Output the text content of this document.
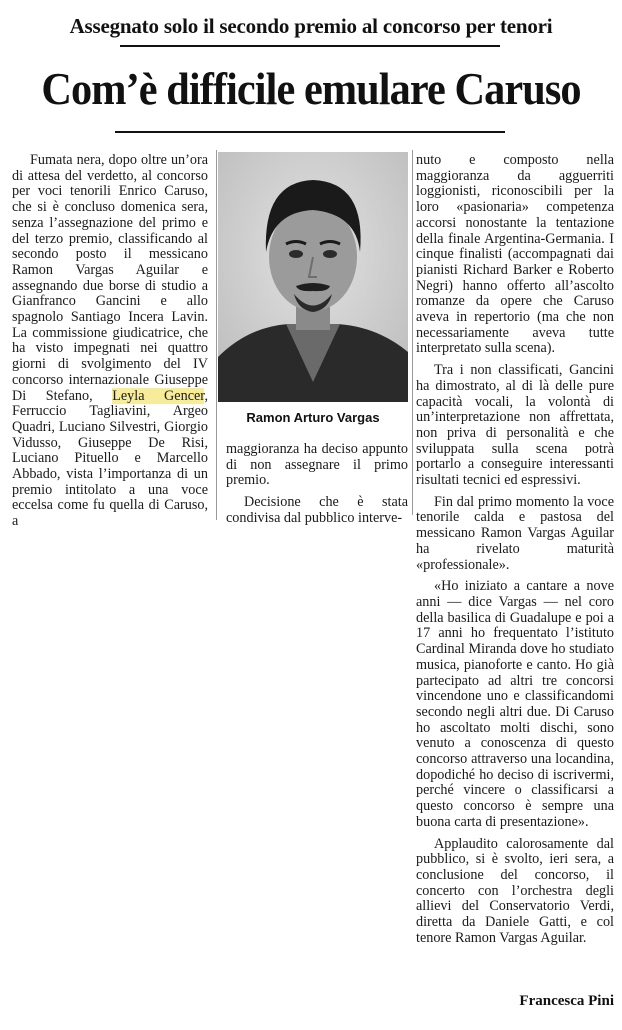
Assegnato solo il secondo premio al concorso per tenori
Com’è difficile emulare Caruso

Fumata nera, dopo oltre un’ora di attesa del verdetto, al concorso per voci tenorili Enrico Caruso, che si è concluso domenica sera, senza l’assegnazione del primo e del terzo premio, classificando al secondo posto il messicano Ramon Vargas Aguilar e assegnando due borse di studio a Gianfranco Gancini e allo spagnolo Santiago Incera Lavin. La commissione giudicatrice, che ha visto impegnati nei quattro giorni di svolgimento del IV concorso internazionale Giuseppe Di Stefano, Leyla Gencer, Ferruccio Tagliavini, Argeo Quadri, Luciano Silvestri, Giorgio Vidusso, Giuseppe De Risi, Luciano Pituello e Marcello Abbado, vista l’importanza di un premio intitolato a una voce eccelsa come fu quella di Caruso, a

Ramon Arturo Vargas

maggioranza ha deciso appunto di non assegnare il primo premio.

Decisione che è stata condivisa dal pubblico interve-

nuto e composto nella maggioranza da agguerriti loggionisti, riconoscibili per la loro «pasionaria» competenza accorsi nonostante la tentazione della finale Argentina-Germania. I cinque finalisti (accompagnati dai pianisti Richard Barker e Roberto Negri) hanno offerto all’ascolto romanze da opere che Caruso aveva in repertorio (ma che non necessariamente aveva tutte interpretato sulla scena).

Tra i non classificati, Gancini ha dimostrato, al di là delle pure capacità vocali, la volontà di un’interpretazione non affrettata, non priva di personalità e che sviluppata sulla scena potrà portarlo a conseguire interessanti risultati tecnici ed espressivi.

Fin dal primo momento la voce tenorile calda e pastosa del messicano Ramon Vargas Aguilar ha rivelato maturità «professionale».

«Ho iniziato a cantare a nove anni — dice Vargas — nel coro della basilica di Guadalupe e poi a 17 anni ho frequentato l’istituto Cardinal Miranda dove ho studiato musica, pianoforte e canto. Ho già partecipato ad altri tre concorsi vincendone uno e classificandomi secondo negli altri due. Di Caruso ho ascoltato molti dischi, sono venuto a conoscenza di questo concorso attraverso una locandina, dopodiché ho deciso di iscrivermi, perché vincere o classificarsi a questo concorso è sempre una buona carta di presentazione».

Applaudito calorosamente dal pubblico, si è svolto, ieri sera, a conclusione del concorso, il concerto con l’orchestra degli allievi del Conservatorio Verdi, diretta da Daniele Gatti, e col tenore Ramon Vargas Aguilar.

Francesca Pini
